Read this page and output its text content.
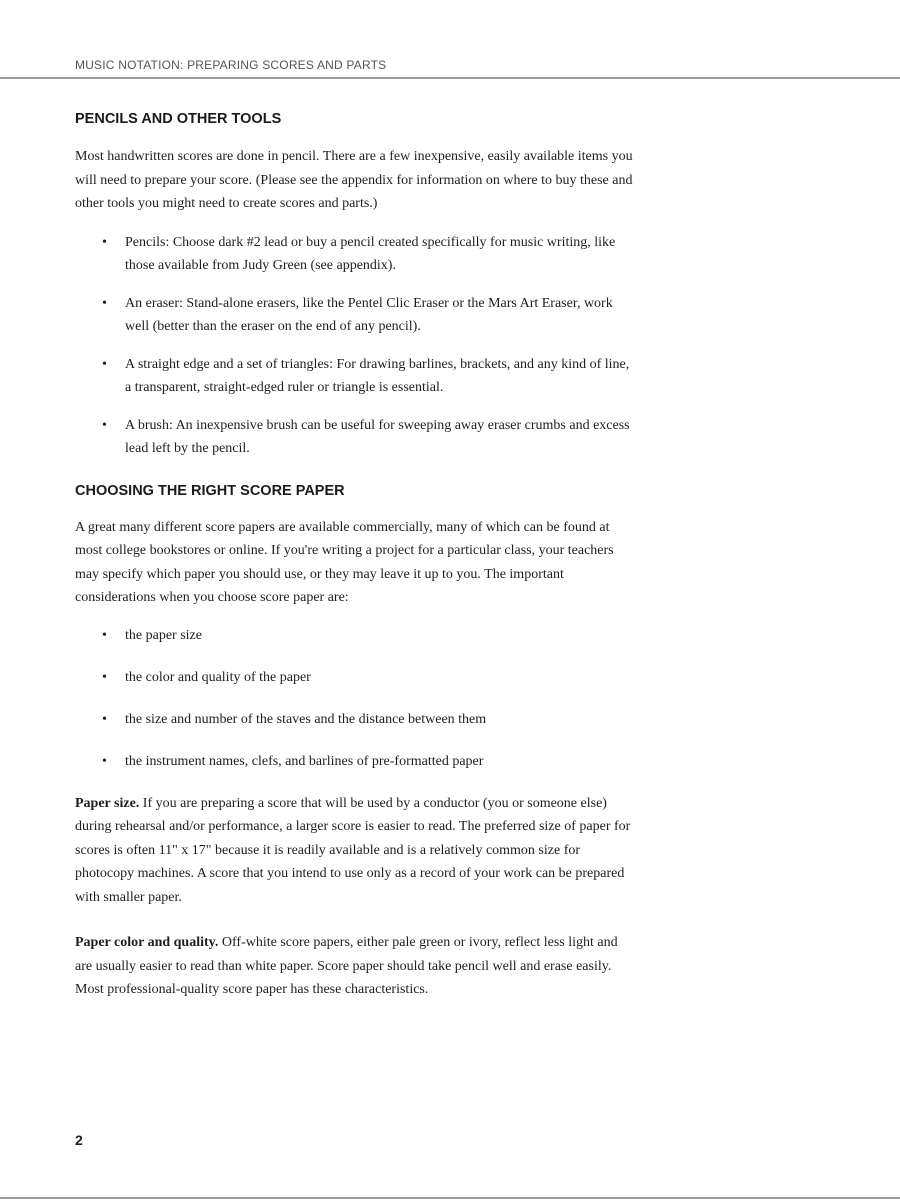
MUSIC NOTATION: PREPARING SCORES AND PARTS
PENCILS AND OTHER TOOLS

Most handwritten scores are done in pencil. There are a few inexpensive, easily available items you will need to prepare your score. (Please see the appendix for information on where to buy these and other tools you might need to create scores and parts.)

• Pencils: Choose dark #2 lead or buy a pencil created specifically for music writing, like those available from Judy Green (see appendix).
• An eraser: Stand-alone erasers, like the Pentel Clic Eraser or the Mars Art Eraser, work well (better than the eraser on the end of any pencil).
• A straight edge and a set of triangles: For drawing barlines, brackets, and any kind of line, a transparent, straight-edged ruler or triangle is essential.
• A brush: An inexpensive brush can be useful for sweeping away eraser crumbs and excess lead left by the pencil.
CHOOSING THE RIGHT SCORE PAPER

A great many different score papers are available commercially, many of which can be found at most college bookstores or online. If you're writing a project for a particular class, your teachers may specify which paper you should use, or they may leave it up to you. The important considerations when you choose score paper are:

• the paper size
• the color and quality of the paper
• the size and number of the staves and the distance between them
• the instrument names, clefs, and barlines of pre-formatted paper

Paper size. If you are preparing a score that will be used by a conductor (you or someone else) during rehearsal and/or performance, a larger score is easier to read. The preferred size of paper for scores is often 11" x 17" because it is readily available and is a relatively common size for photocopy machines. A score that you intend to use only as a record of your work can be prepared with smaller paper.

Paper color and quality. Off-white score papers, either pale green or ivory, reflect less light and are usually easier to read than white paper. Score paper should take pencil well and erase easily. Most professional-quality score paper has these characteristics.

2
